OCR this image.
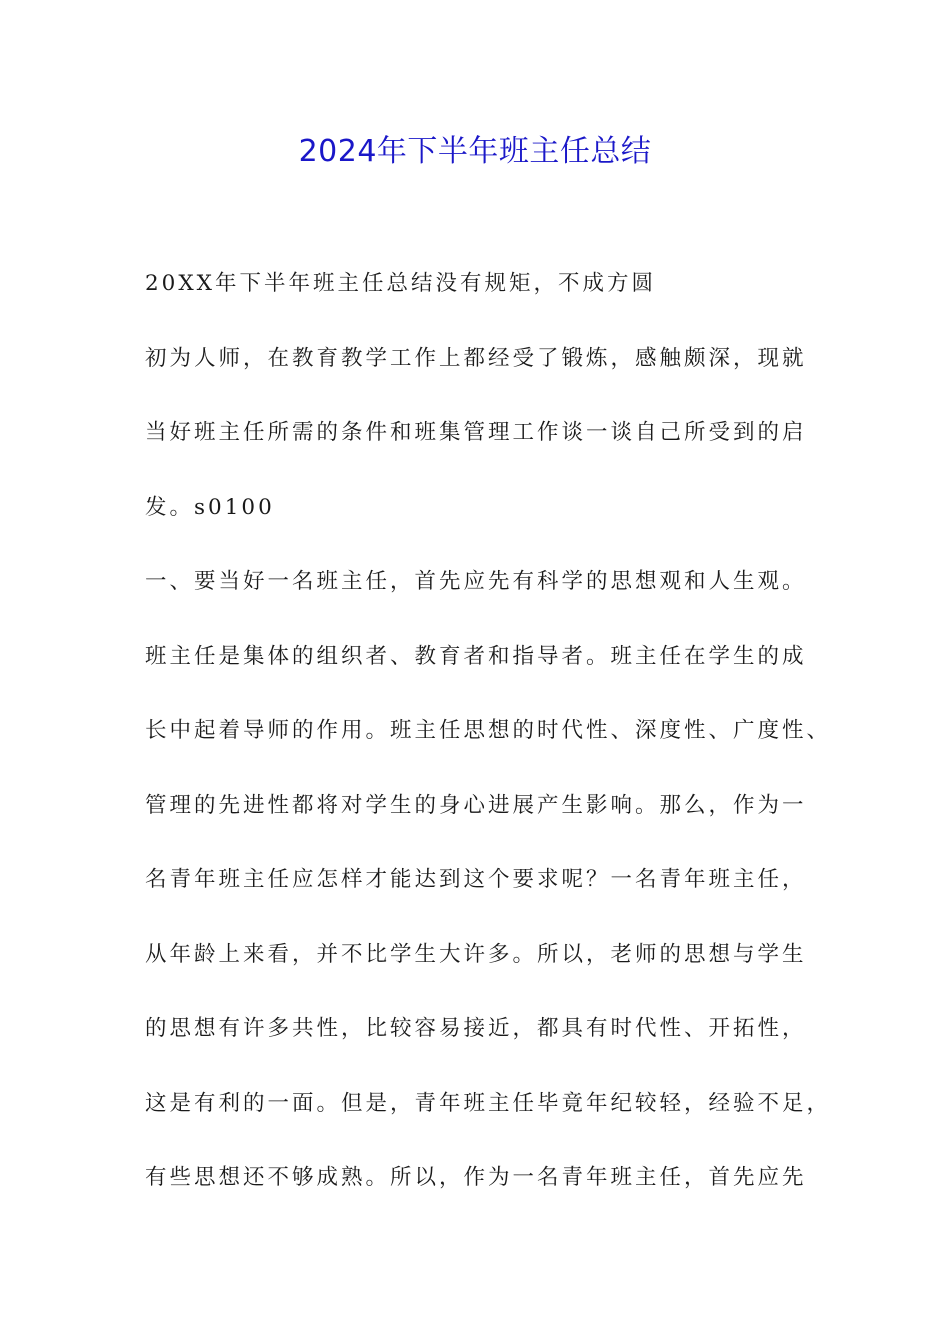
2024年下半年班主任总结
20XX年下半年班主任总结没有规矩，不成方圆
初为人师，在教育教学工作上都经受了锻炼，感触颇深，现就
当好班主任所需的条件和班集管理工作谈一谈自己所受到的启
发。s0100
一、要当好一名班主任，首先应先有科学的思想观和人生观。
班主任是集体的组织者、教育者和指导者。班主任在学生的成
长中起着导师的作用。班主任思想的时代性、深度性、广度性、
管理的先进性都将对学生的身心进展产生影响。那么，作为一
名青年班主任应怎样才能达到这个要求呢？一名青年班主任，
从年龄上来看，并不比学生大许多。所以，老师的思想与学生
的思想有许多共性，比较容易接近，都具有时代性、开拓性，
这是有利的一面。但是，青年班主任毕竟年纪较轻，经验不足，
有些思想还不够成熟。所以，作为一名青年班主任，首先应先
